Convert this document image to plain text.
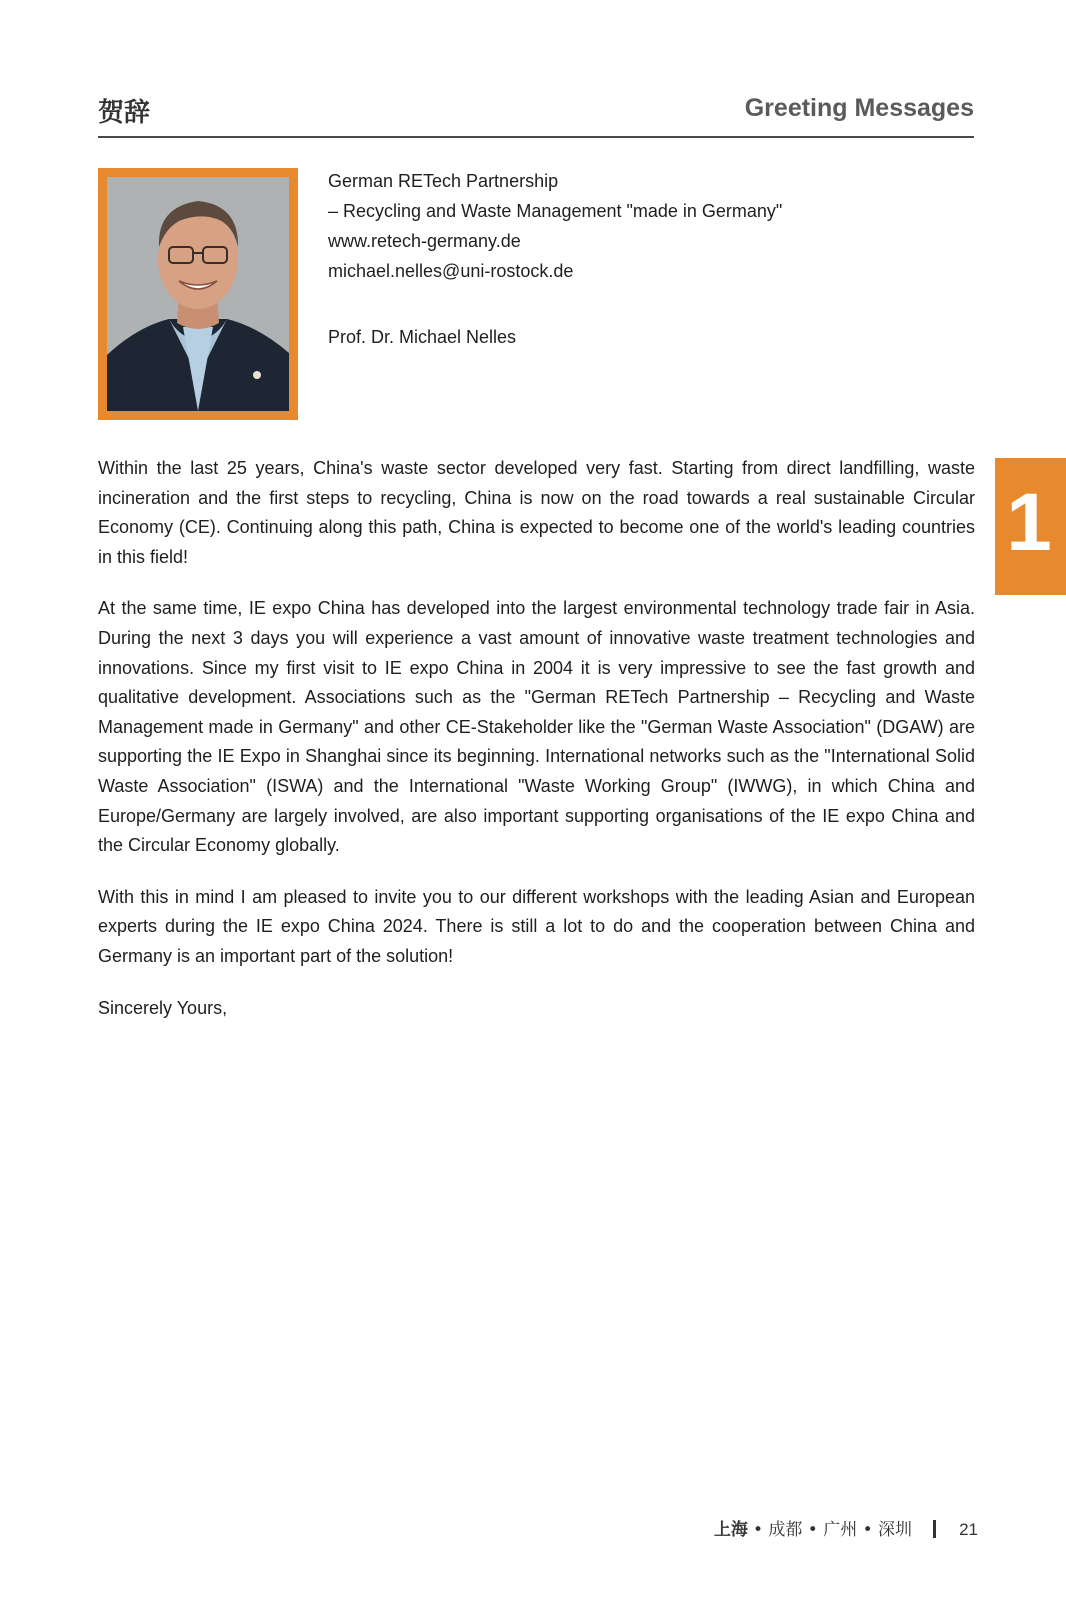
贺辞	Greeting Messages
German RETech Partnership
– Recycling and Waste Management "made in Germany"
www.retech-germany.de
michael.nelles@uni-rostock.de
Prof. Dr. Michael Nelles
1

Within the last 25 years, China's waste sector developed very fast. Starting from direct landfilling, waste incineration and the first steps to recycling, China is now on the road towards a real sustainable Circular Economy (CE). Continuing along this path, China is expected to become one of the world's leading countries in this field!

At the same time, IE expo China has developed into the largest environmental technology trade fair in Asia. During the next 3 days you will experience a vast amount of innovative waste treatment technologies and innovations. Since my first visit to IE expo China in 2004 it is very impressive to see the fast growth and qualitative development. Associations such as the "German RETech Partnership – Recycling and Waste Management made in Germany" and other CE-Stakeholder like the "German Waste Association" (DGAW) are supporting the IE Expo in Shanghai since its beginning. International networks such as the "International Solid Waste Association" (ISWA) and the International "Waste Working Group" (IWWG), in which China and Europe/Germany are largely involved, are also important supporting organisations of the IE expo China and the Circular Economy globally.

With this in mind I am pleased to invite you to our different workshops with the leading Asian and European experts during the IE expo China 2024. There is still a lot to do and the cooperation between China and Germany is an important part of the solution!

Sincerely Yours,

上海 • 成都 • 广州 • 深圳	21
